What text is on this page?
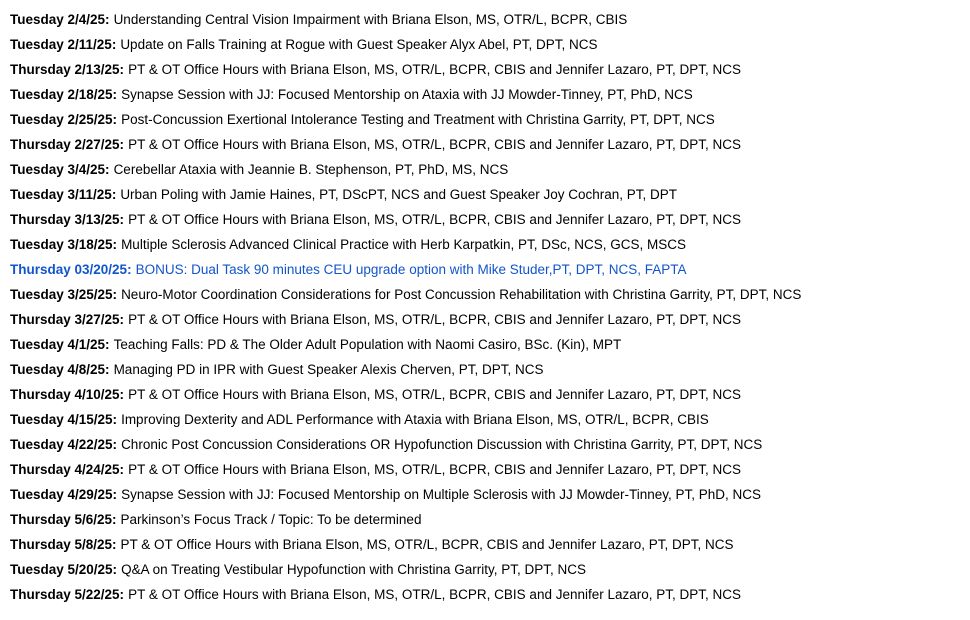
Tuesday 2/4/25: Understanding Central Vision Impairment with Briana Elson, MS, OTR/L, BCPR, CBIS
Tuesday 2/11/25: Update on Falls Training at Rogue with Guest Speaker Alyx Abel, PT, DPT, NCS
Thursday 2/13/25: PT & OT Office Hours with Briana Elson, MS, OTR/L, BCPR, CBIS and Jennifer Lazaro, PT, DPT, NCS
Tuesday 2/18/25: Synapse Session with JJ: Focused Mentorship on Ataxia with JJ Mowder-Tinney, PT, PhD, NCS
Tuesday 2/25/25: Post-Concussion Exertional Intolerance Testing and Treatment with Christina Garrity, PT, DPT, NCS
Thursday 2/27/25: PT & OT Office Hours with Briana Elson, MS, OTR/L, BCPR, CBIS and Jennifer Lazaro, PT, DPT, NCS
Tuesday 3/4/25: Cerebellar Ataxia with Jeannie B. Stephenson, PT, PhD, MS, NCS
Tuesday 3/11/25: Urban Poling with Jamie Haines, PT, DScPT, NCS and Guest Speaker Joy Cochran, PT, DPT
Thursday 3/13/25: PT & OT Office Hours with Briana Elson, MS, OTR/L, BCPR, CBIS and Jennifer Lazaro, PT, DPT, NCS
Tuesday 3/18/25: Multiple Sclerosis Advanced Clinical Practice with Herb Karpatkin, PT, DSc, NCS, GCS, MSCS
Thursday 03/20/25: BONUS: Dual Task 90 minutes CEU upgrade option with Mike Studer,PT, DPT, NCS, FAPTA
Tuesday 3/25/25: Neuro-Motor Coordination Considerations for Post Concussion Rehabilitation with Christina Garrity, PT, DPT, NCS
Thursday 3/27/25: PT & OT Office Hours with Briana Elson, MS, OTR/L, BCPR, CBIS and Jennifer Lazaro, PT, DPT, NCS
Tuesday 4/1/25: Teaching Falls: PD & The Older Adult Population with Naomi Casiro, BSc. (Kin), MPT
Tuesday 4/8/25: Managing PD in IPR with Guest Speaker Alexis Cherven, PT, DPT, NCS
Thursday 4/10/25: PT & OT Office Hours with Briana Elson, MS, OTR/L, BCPR, CBIS and Jennifer Lazaro, PT, DPT, NCS
Tuesday 4/15/25: Improving Dexterity and ADL Performance with Ataxia with Briana Elson, MS, OTR/L, BCPR, CBIS
Tuesday 4/22/25: Chronic Post Concussion Considerations OR Hypofunction Discussion with Christina Garrity, PT, DPT, NCS
Thursday 4/24/25: PT & OT Office Hours with Briana Elson, MS, OTR/L, BCPR, CBIS and Jennifer Lazaro, PT, DPT, NCS
Tuesday 4/29/25: Synapse Session with JJ: Focused Mentorship on Multiple Sclerosis with JJ Mowder-Tinney, PT, PhD, NCS
Thursday 5/6/25: Parkinson’s Focus Track / Topic: To be determined
Thursday 5/8/25: PT & OT Office Hours with Briana Elson, MS, OTR/L, BCPR, CBIS and Jennifer Lazaro, PT, DPT, NCS
Tuesday 5/20/25: Q&A on Treating Vestibular Hypofunction with Christina Garrity, PT, DPT, NCS
Thursday 5/22/25: PT & OT Office Hours with Briana Elson, MS, OTR/L, BCPR, CBIS and Jennifer Lazaro, PT, DPT, NCS
